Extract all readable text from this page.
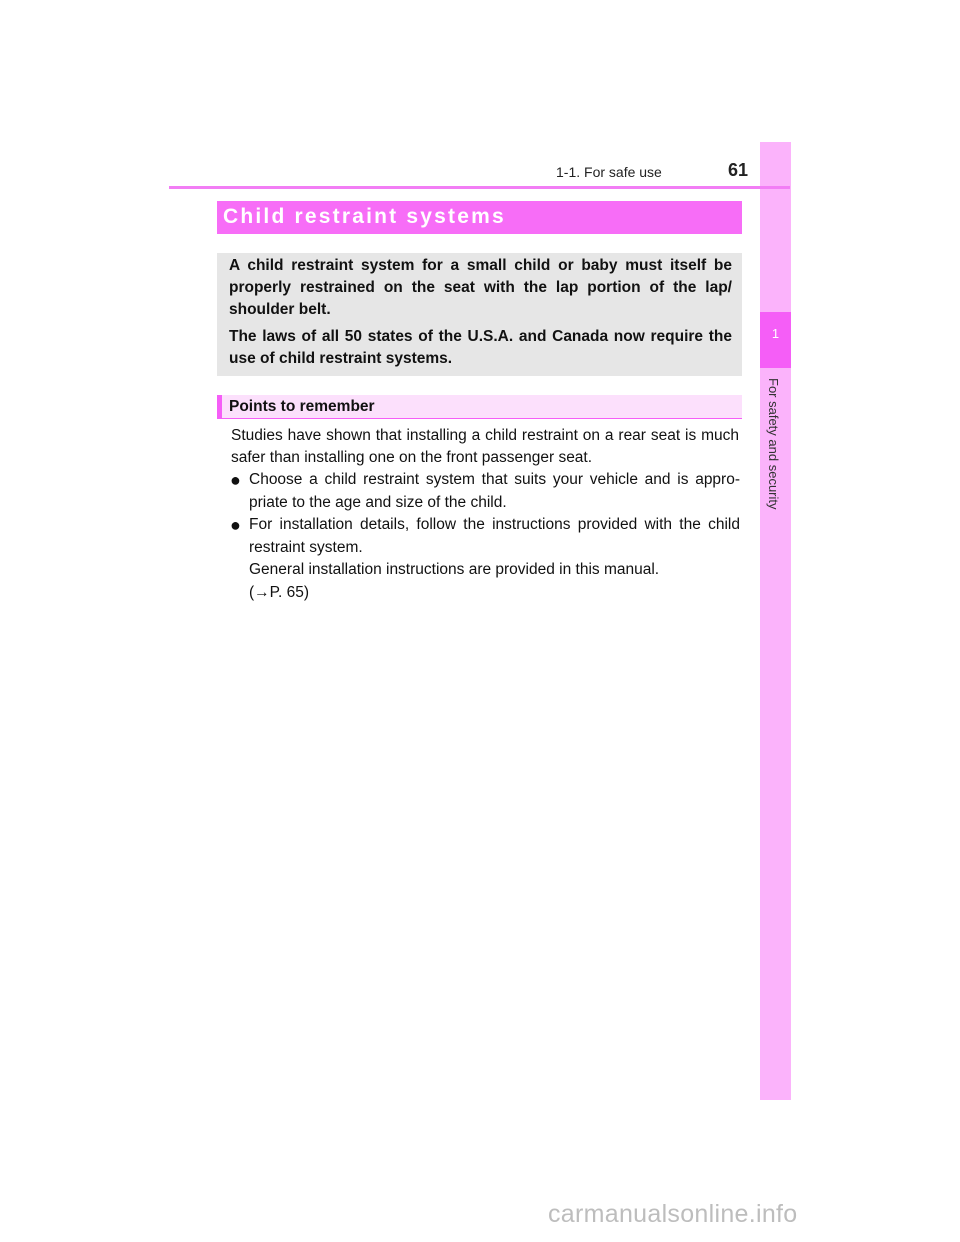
1
For safety and security
1-1. For safe use	61
Child restraint systems

A child restraint system for a small child or baby must itself be properly restrained on the seat with the lap portion of the lap/ shoulder belt.

The laws of all 50 states of the U.S.A. and Canada now require the use of child restraint systems.

Points to remember

Studies have shown that installing a child restraint on a rear seat is much safer than installing one on the front passenger seat.

● Choose a child restraint system that suits your vehicle and is appro-priate to the age and size of the child.
● For installation details, follow the instructions provided with the child restraint system.
General installation instructions are provided in this manual.
(→P. 65)
carmanualsonline.info
